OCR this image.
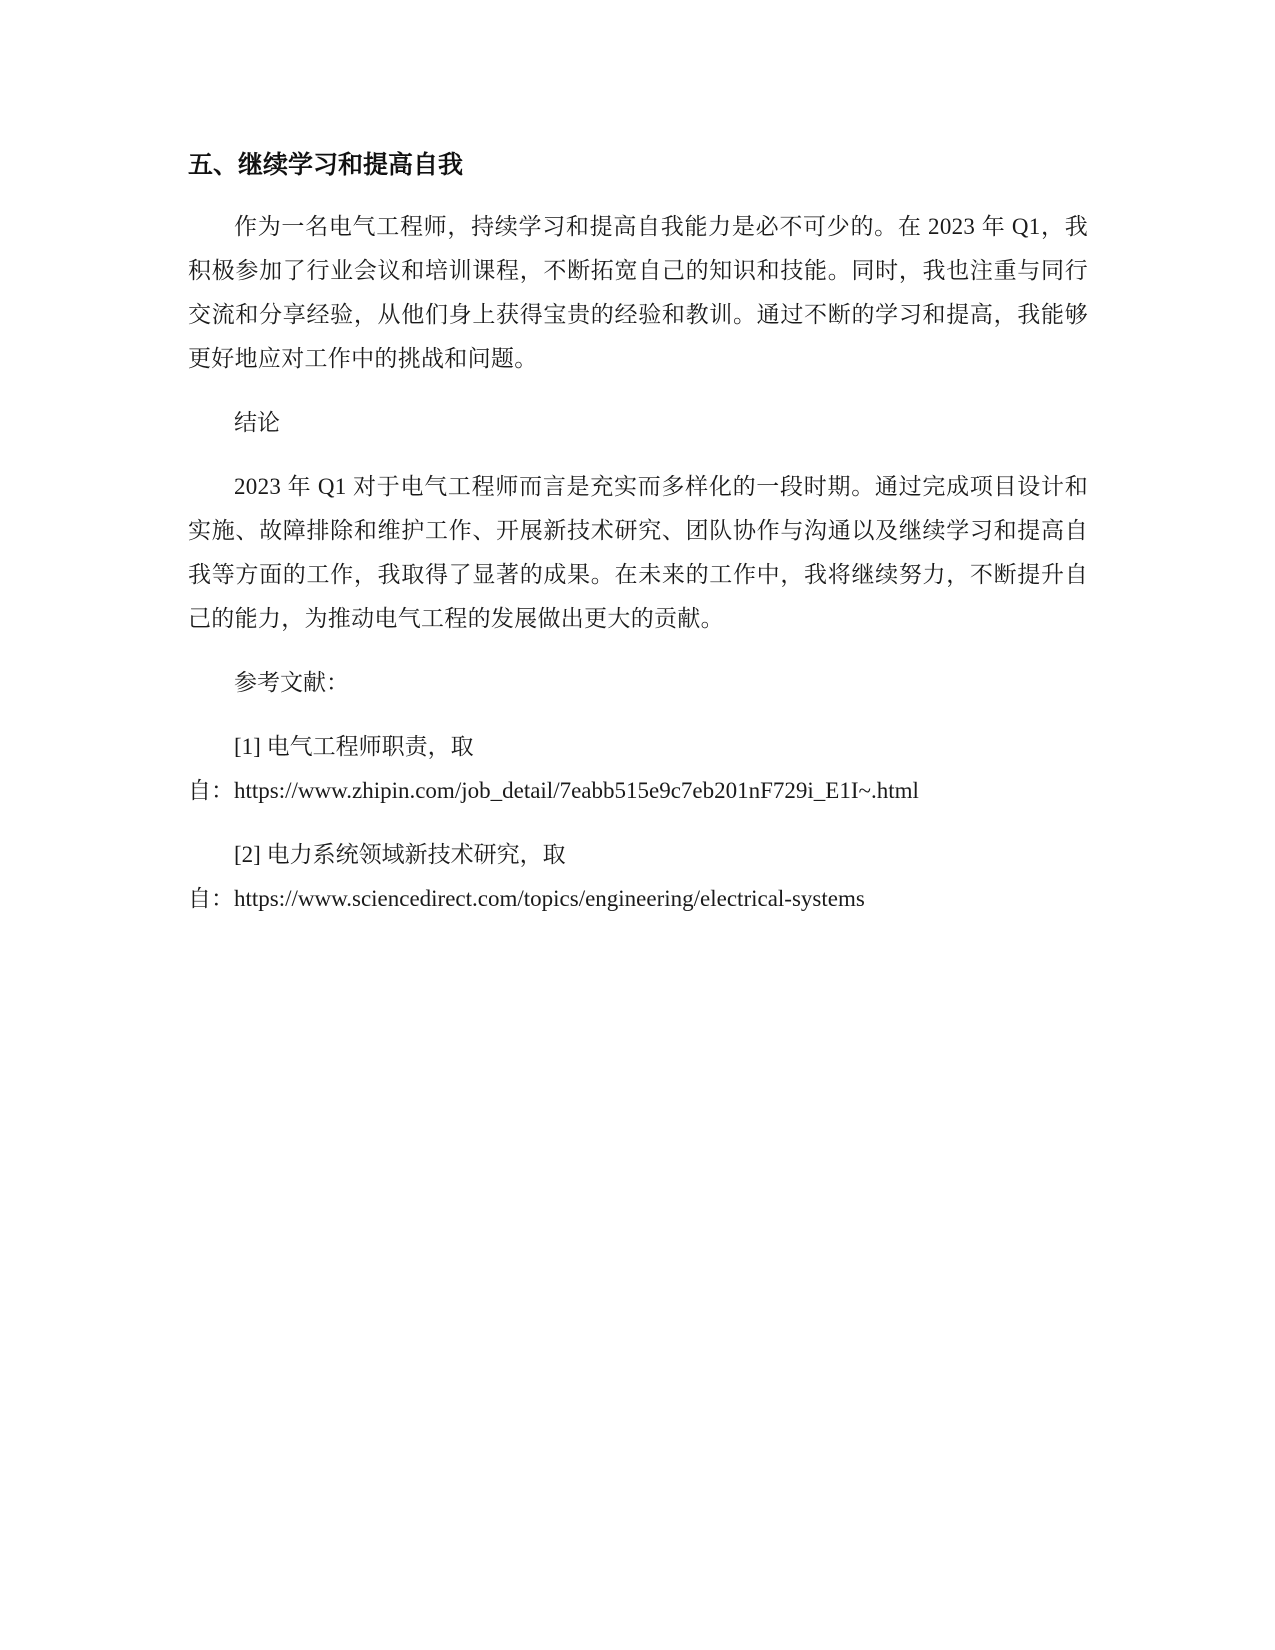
五、继续学习和提高自我

作为一名电气工程师，持续学习和提高自我能力是必不可少的。在 2023 年 Q1，我积极参加了行业会议和培训课程，不断拓宽自己的知识和技能。同时，我也注重与同行交流和分享经验，从他们身上获得宝贵的经验和教训。通过不断的学习和提高，我能够更好地应对工作中的挑战和问题。

结论

2023 年 Q1 对于电气工程师而言是充实而多样化的一段时期。通过完成项目设计和实施、故障排除和维护工作、开展新技术研究、团队协作与沟通以及继续学习和提高自我等方面的工作，我取得了显著的成果。在未来的工作中，我将继续努力，不断提升自己的能力，为推动电气工程的发展做出更大的贡献。

参考文献：

[1] 电气工程师职责，取
自：https://www.zhipin.com/job_detail/7eabb515e9c7eb201nF729i_E1I~.html
[2] 电力系统领域新技术研究，取
自：https://www.sciencedirect.com/topics/engineering/electrical-systems
